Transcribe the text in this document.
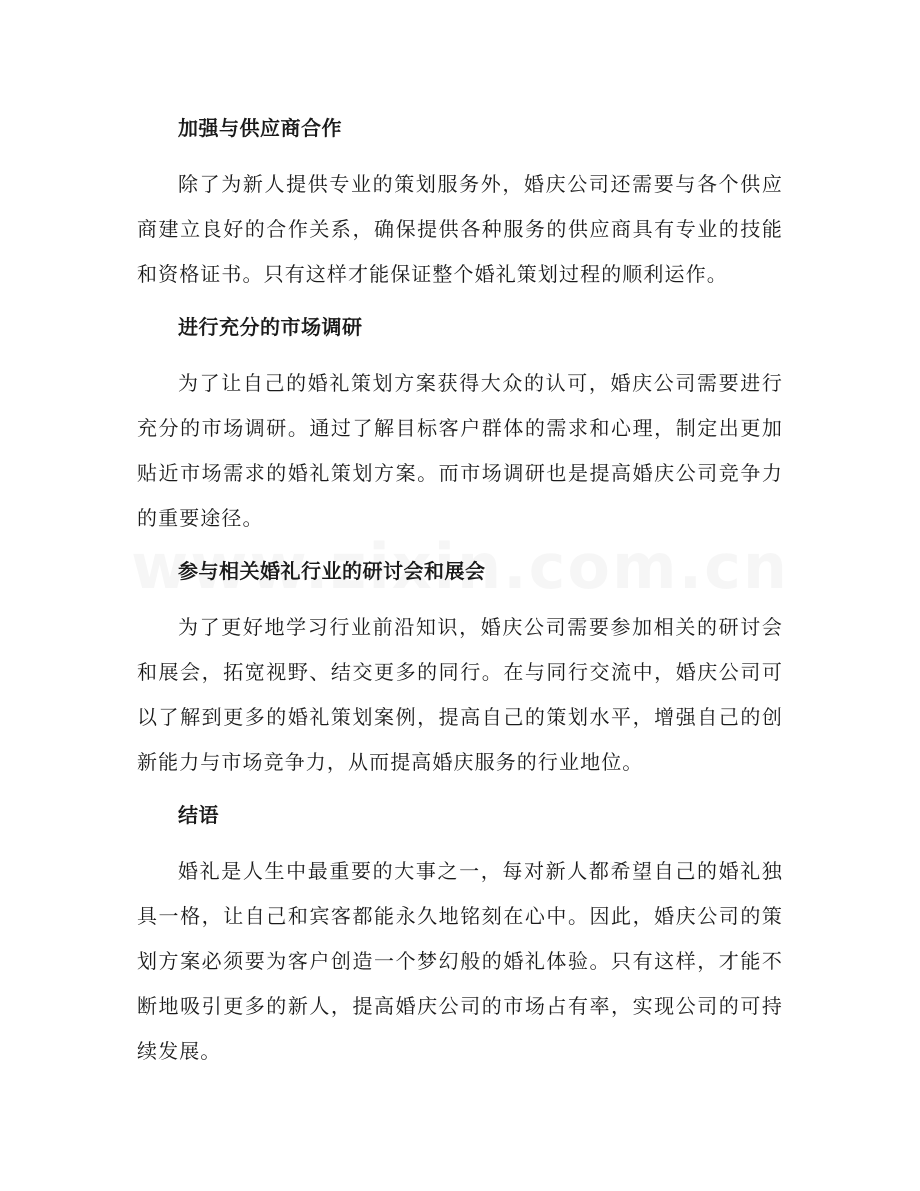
加强与供应商合作

除了为新人提供专业的策划服务外，婚庆公司还需要与各个供应商建立良好的合作关系，确保提供各种服务的供应商具有专业的技能和资格证书。只有这样才能保证整个婚礼策划过程的顺利运作。

进行充分的市场调研

为了让自己的婚礼策划方案获得大众的认可，婚庆公司需要进行充分的市场调研。通过了解目标客户群体的需求和心理，制定出更加贴近市场需求的婚礼策划方案。而市场调研也是提高婚庆公司竞争力的重要途径。

参与相关婚礼行业的研讨会和展会

为了更好地学习行业前沿知识，婚庆公司需要参加相关的研讨会和展会，拓宽视野、结交更多的同行。在与同行交流中，婚庆公司可以了解到更多的婚礼策划案例，提高自己的策划水平，增强自己的创新能力与市场竞争力，从而提高婚庆服务的行业地位。

结语

婚礼是人生中最重要的大事之一，每对新人都希望自己的婚礼独具一格，让自己和宾客都能永久地铭刻在心中。因此，婚庆公司的策划方案必须要为客户创造一个梦幻般的婚礼体验。只有这样，才能不断地吸引更多的新人，提高婚庆公司的市场占有率，实现公司的可持续发展。
